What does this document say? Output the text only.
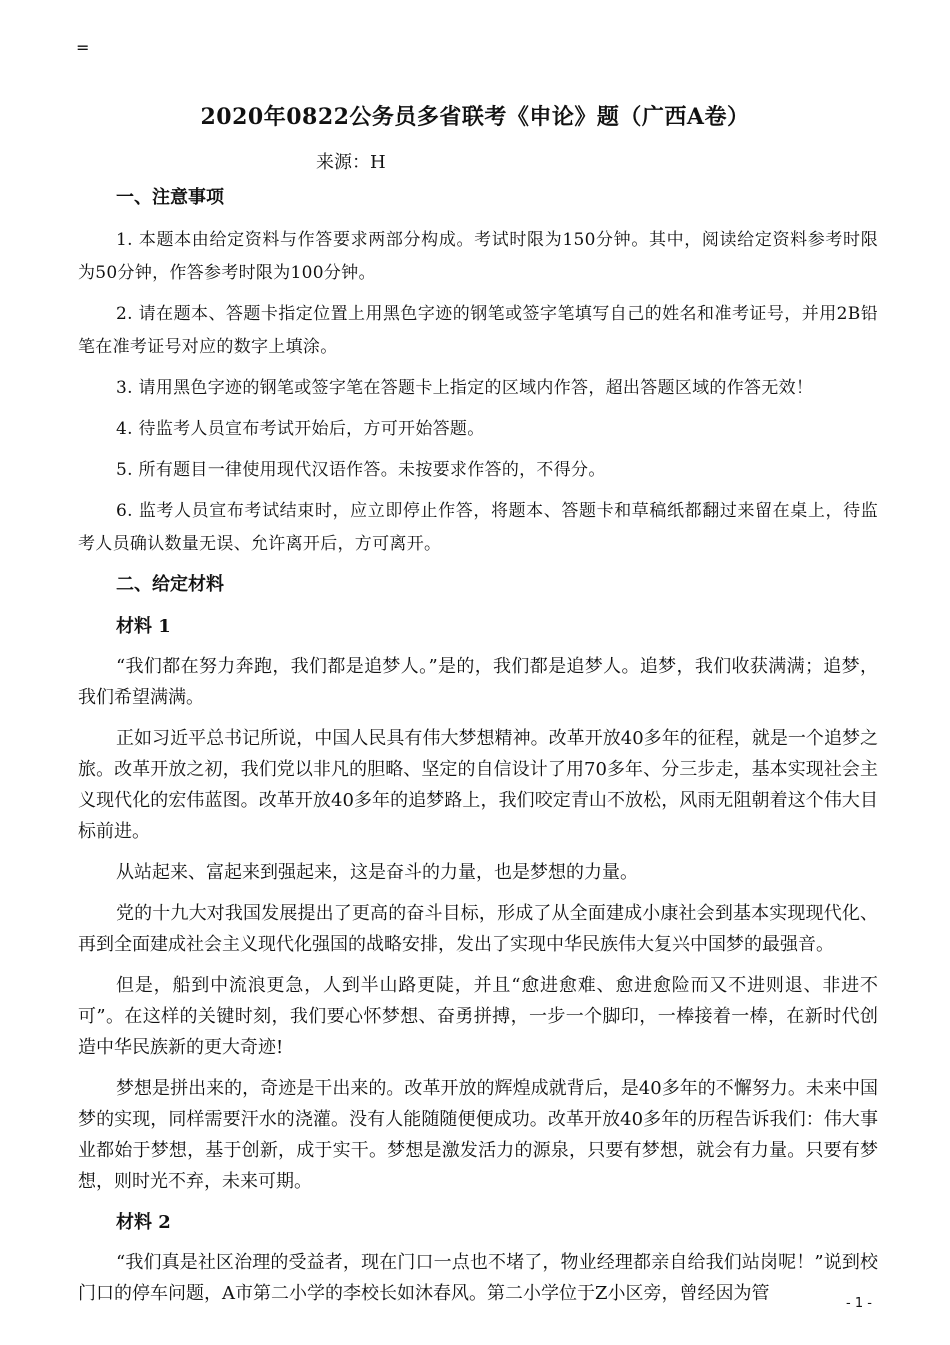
=
2020年0822公务员多省联考《申论》题（广西A卷）
来源：H
一、注意事项

1. 本题本由给定资料与作答要求两部分构成。考试时限为150分钟。其中，阅读给定资料参考时限为50分钟，作答参考时限为100分钟。

2. 请在题本、答题卡指定位置上用黑色字迹的钢笔或签字笔填写自己的姓名和准考证号，并用2B铅笔在准考证号对应的数字上填涂。

3. 请用黑色字迹的钢笔或签字笔在答题卡上指定的区域内作答，超出答题区域的作答无效！

4. 待监考人员宣布考试开始后，方可开始答题。

5. 所有题目一律使用现代汉语作答。未按要求作答的，不得分。

6. 监考人员宣布考试结束时，应立即停止作答，将题本、答题卡和草稿纸都翻过来留在桌上，待监考人员确认数量无误、允许离开后，方可离开。

二、给定材料
材料 1

“我们都在努力奔跑，我们都是追梦人。”是的，我们都是追梦人。追梦，我们收获满满；追梦，我们希望满满。

正如习近平总书记所说，中国人民具有伟大梦想精神。改革开放40多年的征程，就是一个追梦之旅。改革开放之初，我们党以非凡的胆略、坚定的自信设计了用70多年、分三步走，基本实现社会主义现代化的宏伟蓝图。改革开放40多年的追梦路上，我们咬定青山不放松，风雨无阻朝着这个伟大目标前进。

从站起来、富起来到强起来，这是奋斗的力量，也是梦想的力量。

党的十九大对我国发展提出了更高的奋斗目标，形成了从全面建成小康社会到基本实现现代化、再到全面建成社会主义现代化强国的战略安排，发出了实现中华民族伟大复兴中国梦的最强音。

但是，船到中流浪更急，人到半山路更陡，并且“愈进愈难、愈进愈险而又不进则退、非进不可”。在这样的关键时刻，我们要心怀梦想、奋勇拼搏，一步一个脚印，一棒接着一棒，在新时代创造中华民族新的更大奇迹!

梦想是拼出来的，奇迹是干出来的。改革开放的辉煌成就背后，是40多年的不懈努力。未来中国梦的实现，同样需要汗水的浇灌。没有人能随随便便成功。改革开放40多年的历程告诉我们：伟大事业都始于梦想，基于创新，成于实干。梦想是激发活力的源泉，只要有梦想，就会有力量。只要有梦想，则时光不弃，未来可期。

材料 2

“我们真是社区治理的受益者，现在门口一点也不堵了，物业经理都亲自给我们站岗呢！”说到校门口的停车问题，A市第二小学的李校长如沐春风。第二小学位于Z小区旁，曾经因为管	- 1 -
